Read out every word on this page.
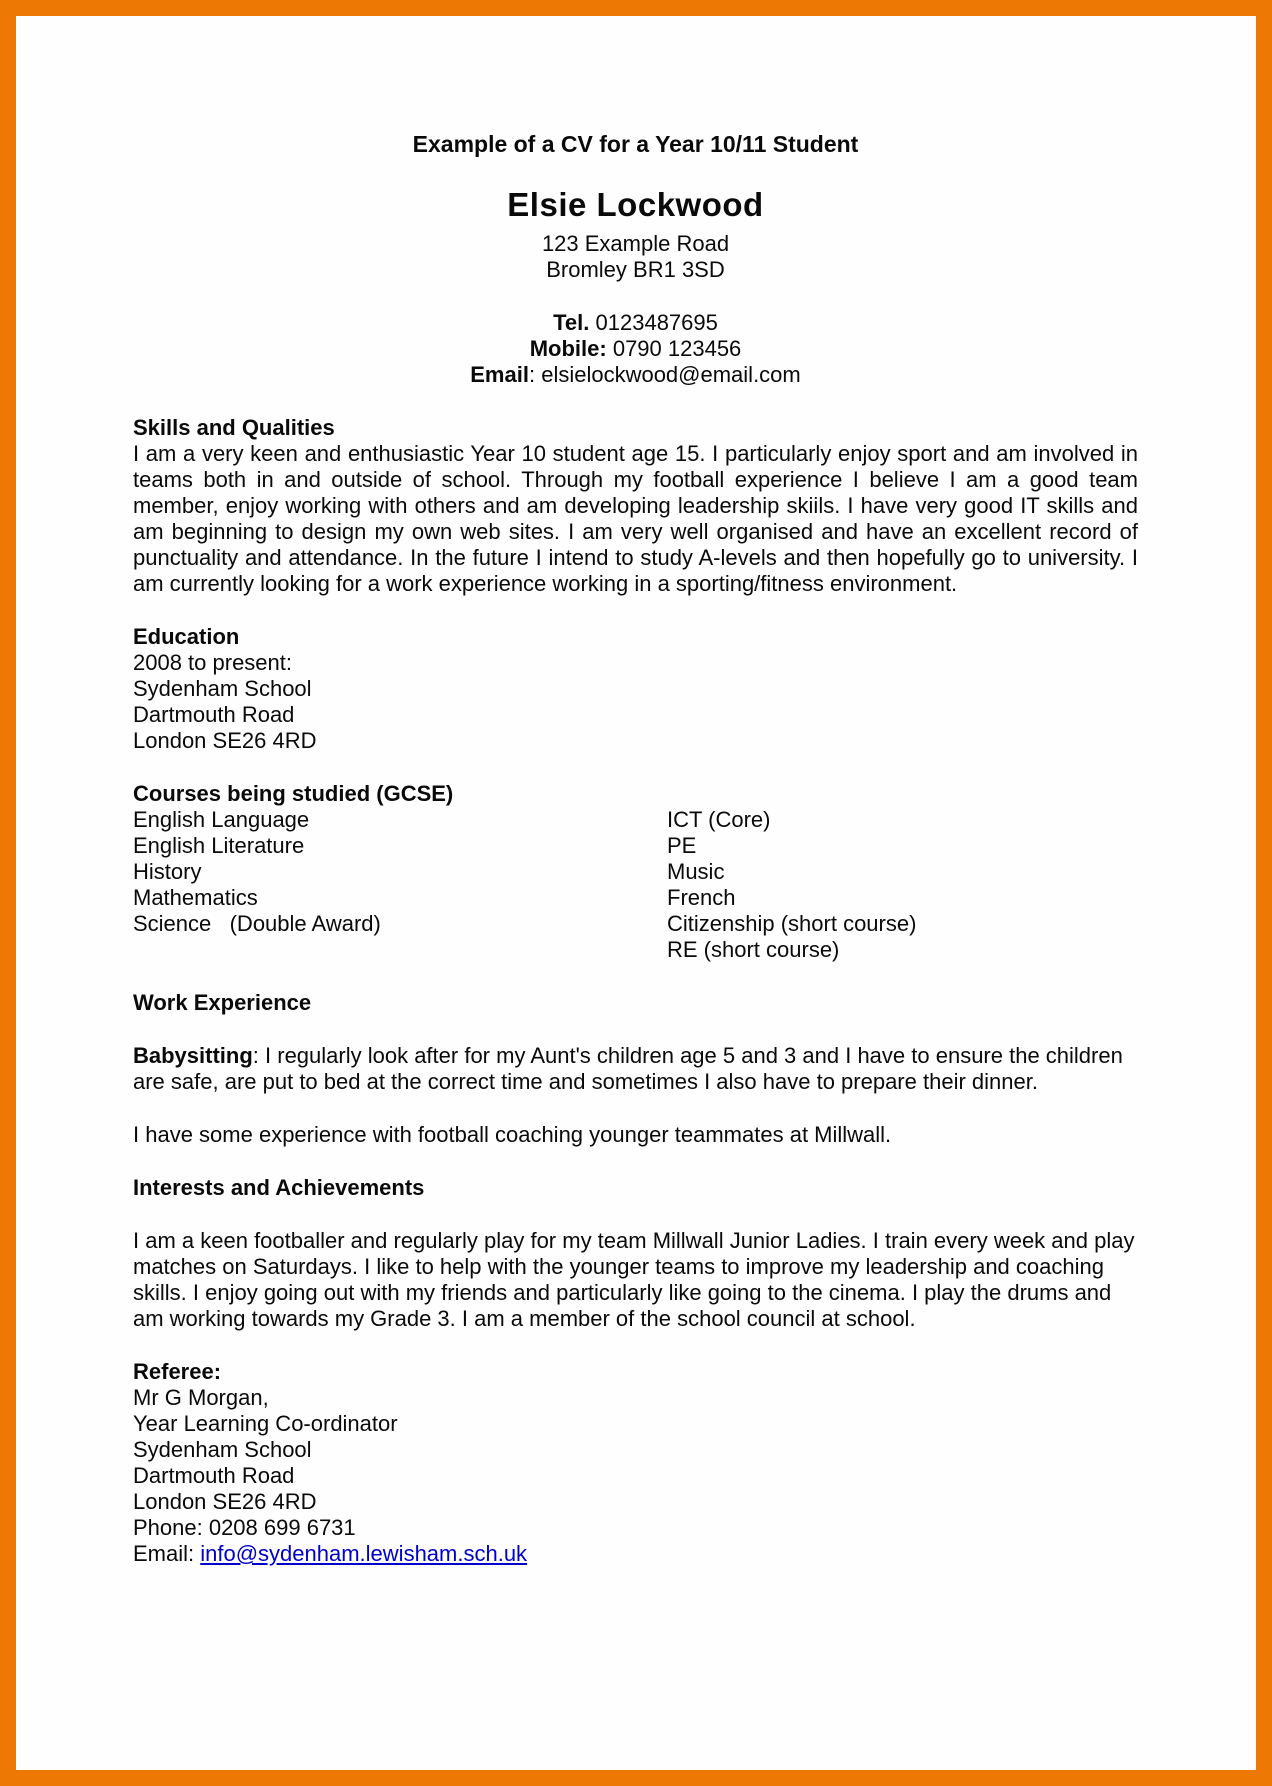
Example of a CV for a Year 10/11 Student
Elsie Lockwood
123 Example Road
Bromley BR1 3SD
Tel. 0123487695
Mobile: 0790 123456
Email: elsielockwood@email.com
Skills and Qualities

I am a very keen and enthusiastic Year 10 student age 15. I particularly enjoy sport and am involved in teams both in and outside of school. Through my football experience I believe I am a good team member, enjoy working with others and am developing leadership skiils. I have very good IT skills and am beginning to design my own web sites. I am very well organised and have an excellent record of punctuality and attendance. In the future I intend to study A-levels and then hopefully go to university. I am currently looking for a work experience working in a sporting/fitness environment.

Education
2008 to present:
Sydenham School
Dartmouth Road
London SE26 4RD
Courses being studied (GCSE)
English Language
English Literature
History
Mathematics
Science   (Double Award)
ICT (Core)
PE
Music
French
Citizenship (short course)
RE (short course)
Work Experience

Babysitting: I regularly look after for my Aunt's children age 5 and 3 and I have to ensure the children are safe, are put to bed at the correct time and sometimes I also have to prepare their dinner.

I have some experience with football coaching younger teammates at Millwall.

Interests and Achievements

I am a keen footballer and regularly play for my team Millwall Junior Ladies. I train every week and play matches on Saturdays. I like to help with the younger teams to improve my leadership and coaching skills. I enjoy going out with my friends and particularly like going to the cinema. I play the drums and am working towards my Grade 3. I am a member of the school council at school.

Referee:
Mr G Morgan,
Year Learning Co-ordinator
Sydenham School
Dartmouth Road
London SE26 4RD
Phone: 0208 699 6731
Email: info@sydenham.lewisham.sch.uk
